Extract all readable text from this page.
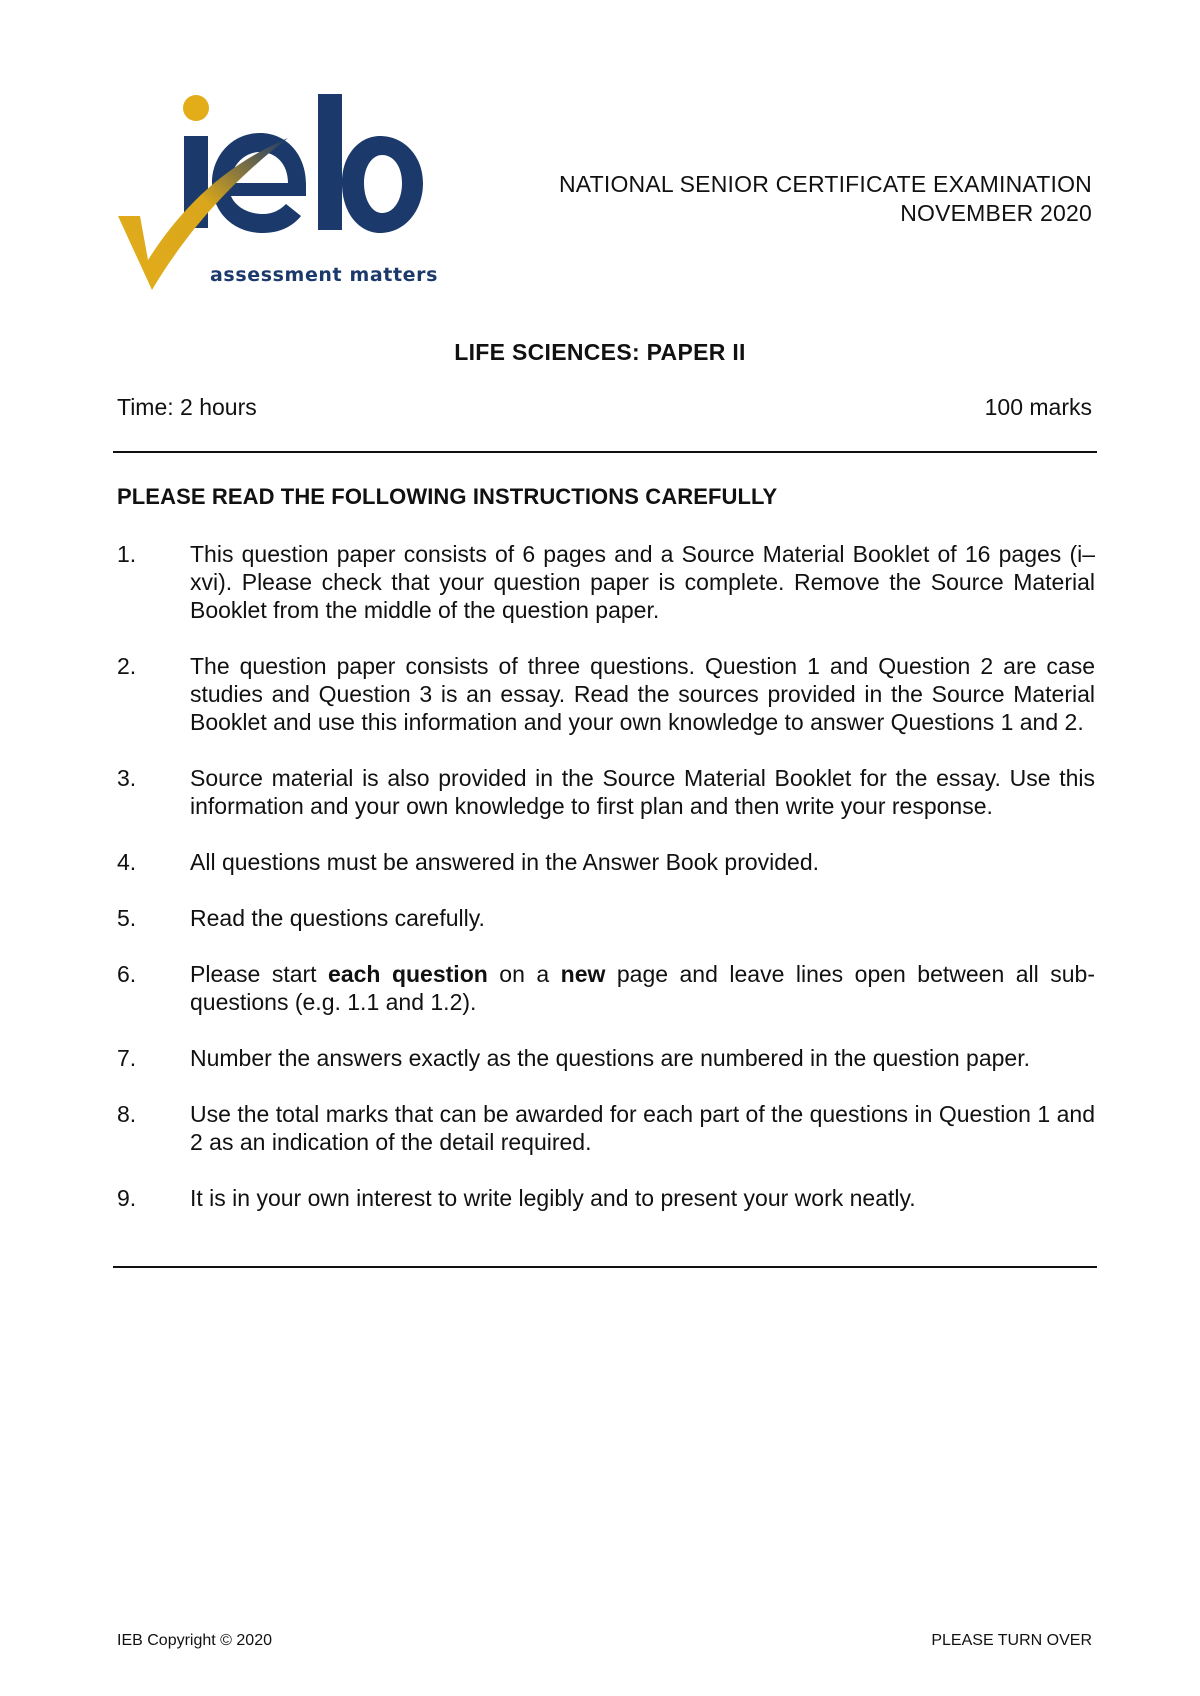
assessment matters
NATIONAL SENIOR CERTIFICATE EXAMINATION
NOVEMBER 2020
LIFE SCIENCES: PAPER II
Time: 2 hours	100 marks
PLEASE READ THE FOLLOWING INSTRUCTIONS CAREFULLY
1. This question paper consists of 6 pages and a Source Material Booklet of 16 pages (i–xvi). Please check that your question paper is complete. Remove the Source Material Booklet from the middle of the question paper.
2. The question paper consists of three questions. Question 1 and Question 2 are case studies and Question 3 is an essay. Read the sources provided in the Source Material Booklet and use this information and your own knowledge to answer Questions 1 and 2.
3. Source material is also provided in the Source Material Booklet for the essay. Use this information and your own knowledge to first plan and then write your response.
4. All questions must be answered in the Answer Book provided.
5. Read the questions carefully.
6. Please start each question on a new page and leave lines open between all sub-questions (e.g. 1.1 and 1.2).
7. Number the answers exactly as the questions are numbered in the question paper.
8. Use the total marks that can be awarded for each part of the questions in Question 1 and 2 as an indication of the detail required.
9. It is in your own interest to write legibly and to present your work neatly.
IEB Copyright © 2020	PLEASE TURN OVER
